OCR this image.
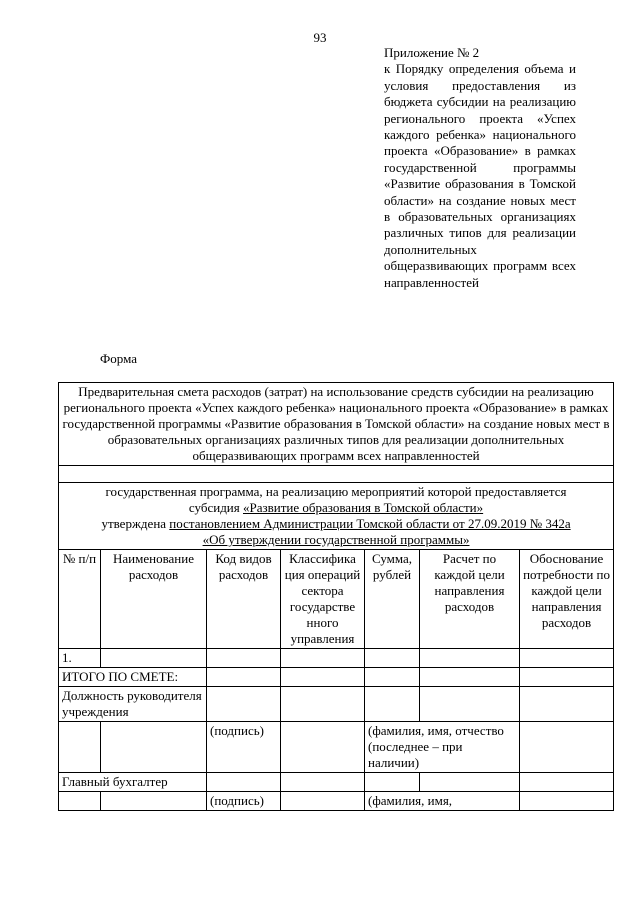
93
Приложение № 2
к Порядку определения объема и условия предоставления из бюджета субсидии на реализацию регионального проекта «Успех каждого ребенка» национального проекта «Образование» в рамках государственной программы «Развитие образования в Томской области» на создание новых мест в образовательных организациях различных типов для реализации дополнительных общеразвивающих программ всех направленностей
Форма
Предварительная смета расходов (затрат) на использование средств субсидии на реализацию регионального проекта «Успех каждого ребенка» национального проекта «Образование» в рамках государственной программы «Развитие образования в Томской области» на создание новых мест в образовательных организациях различных типов для реализации дополнительных общеразвивающих программ всех направленностей						

государственная программа, на реализацию мероприятий которой предоставляется
субсидия «Развитие образования в Томской области»
утверждена постановлением Администрации Томской области от 27.09.2019 № 342а
«Об утверждении государственной программы»						

№ п/п	Наименование расходов	Код видов расходов	Классифика ция операций сектора государстве нного управления	Сумма, рублей	Расчет по каждой цели направления расходов	Обоснование потребности по каждой цели направления расходов
1.						
ИТОГО ПО СМЕТЕ:						
Должность руководителя учреждения						
		(подпись)		(фамилия, имя, отчество (последнее – при наличии)		
Главный бухгалтер						
		(подпись)		(фамилия, имя,		
